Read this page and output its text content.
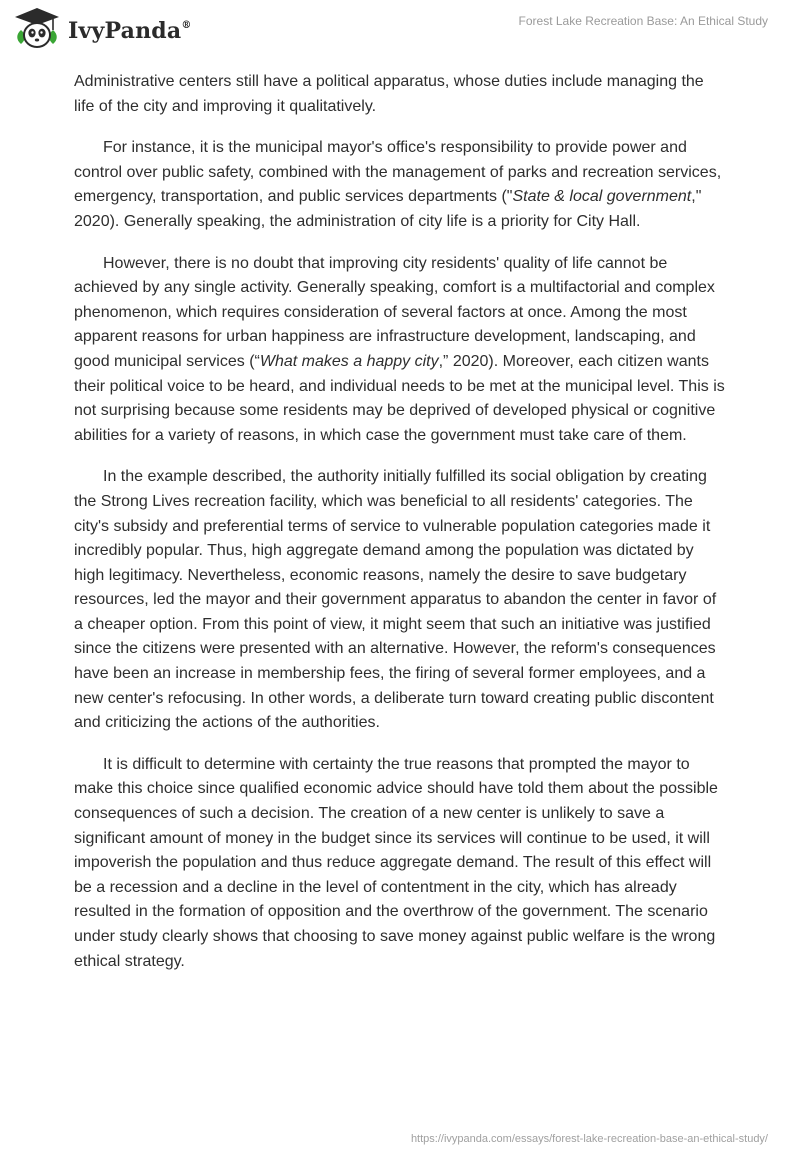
IvyPanda®	Forest Lake Recreation Base: An Ethical Study

Administrative centers still have a political apparatus, whose duties include managing the life of the city and improving it qualitatively.

For instance, it is the municipal mayor's office's responsibility to provide power and control over public safety, combined with the management of parks and recreation services, emergency, transportation, and public services departments ("State & local government," 2020). Generally speaking, the administration of city life is a priority for City Hall.

However, there is no doubt that improving city residents' quality of life cannot be achieved by any single activity. Generally speaking, comfort is a multifactorial and complex phenomenon, which requires consideration of several factors at once. Among the most apparent reasons for urban happiness are infrastructure development, landscaping, and good municipal services (“What makes a happy city,” 2020). Moreover, each citizen wants their political voice to be heard, and individual needs to be met at the municipal level. This is not surprising because some residents may be deprived of developed physical or cognitive abilities for a variety of reasons, in which case the government must take care of them.

In the example described, the authority initially fulfilled its social obligation by creating the Strong Lives recreation facility, which was beneficial to all residents' categories. The city's subsidy and preferential terms of service to vulnerable population categories made it incredibly popular. Thus, high aggregate demand among the population was dictated by high legitimacy. Nevertheless, economic reasons, namely the desire to save budgetary resources, led the mayor and their government apparatus to abandon the center in favor of a cheaper option. From this point of view, it might seem that such an initiative was justified since the citizens were presented with an alternative. However, the reform's consequences have been an increase in membership fees, the firing of several former employees, and a new center's refocusing. In other words, a deliberate turn toward creating public discontent and criticizing the actions of the authorities.

It is difficult to determine with certainty the true reasons that prompted the mayor to make this choice since qualified economic advice should have told them about the possible consequences of such a decision. The creation of a new center is unlikely to save a significant amount of money in the budget since its services will continue to be used, it will impoverish the population and thus reduce aggregate demand. The result of this effect will be a recession and a decline in the level of contentment in the city, which has already resulted in the formation of opposition and the overthrow of the government. The scenario under study clearly shows that choosing to save money against public welfare is the wrong ethical strategy.

https://ivypanda.com/essays/forest-lake-recreation-base-an-ethical-study/
